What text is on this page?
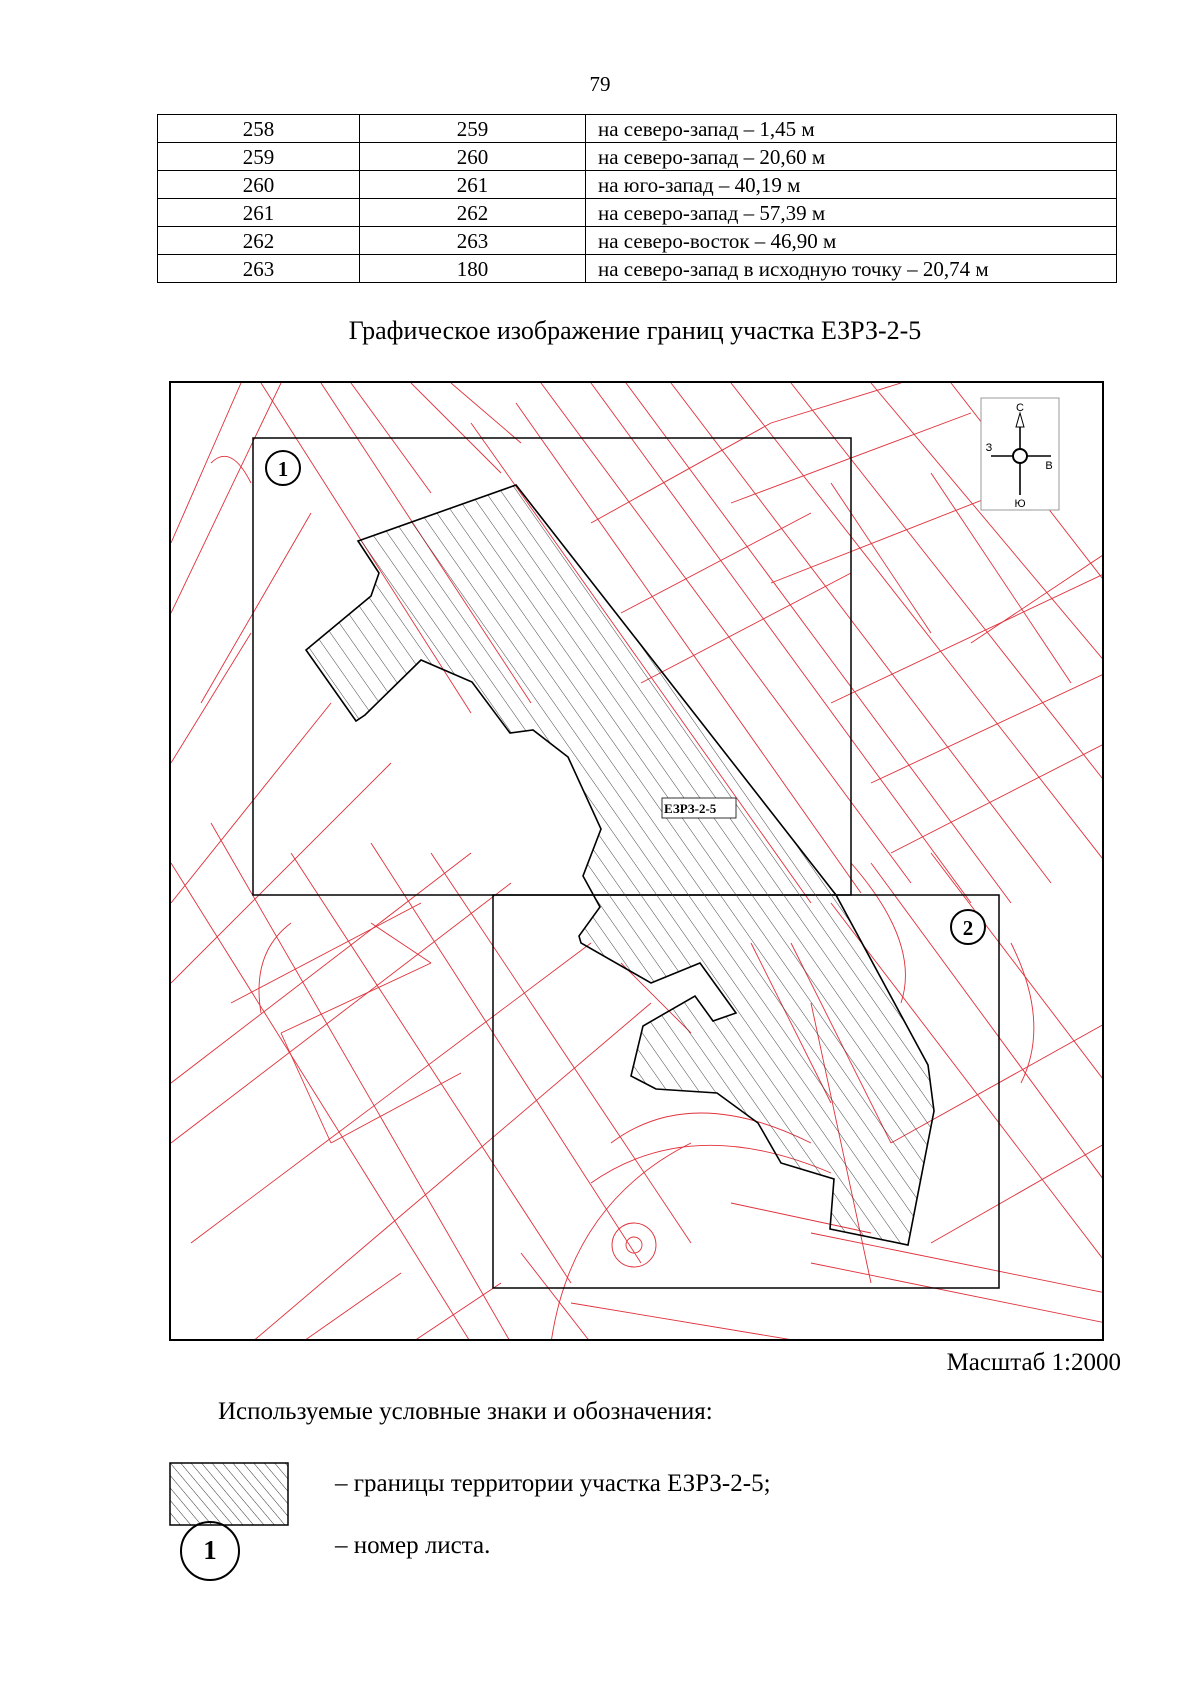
79
258	259	на северо-запад – 1,45 м
259	260	на северо-запад – 20,60 м
260	261	на юго-запад – 40,19 м
261	262	на северо-запад – 57,39 м
262	263	на северо-восток – 46,90 м
263	180	на северо-запад в исходную точку – 20,74 м
Графическое изображение границ участка ЕЗРЗ-2-5
ЕЗРЗ-2-5
1
2
С
Ю
З
В
Масштаб 1:2000
Используемые условные знаки и обозначения:
– границы территории участка ЕЗРЗ-2-5;
1	– номер листа.
